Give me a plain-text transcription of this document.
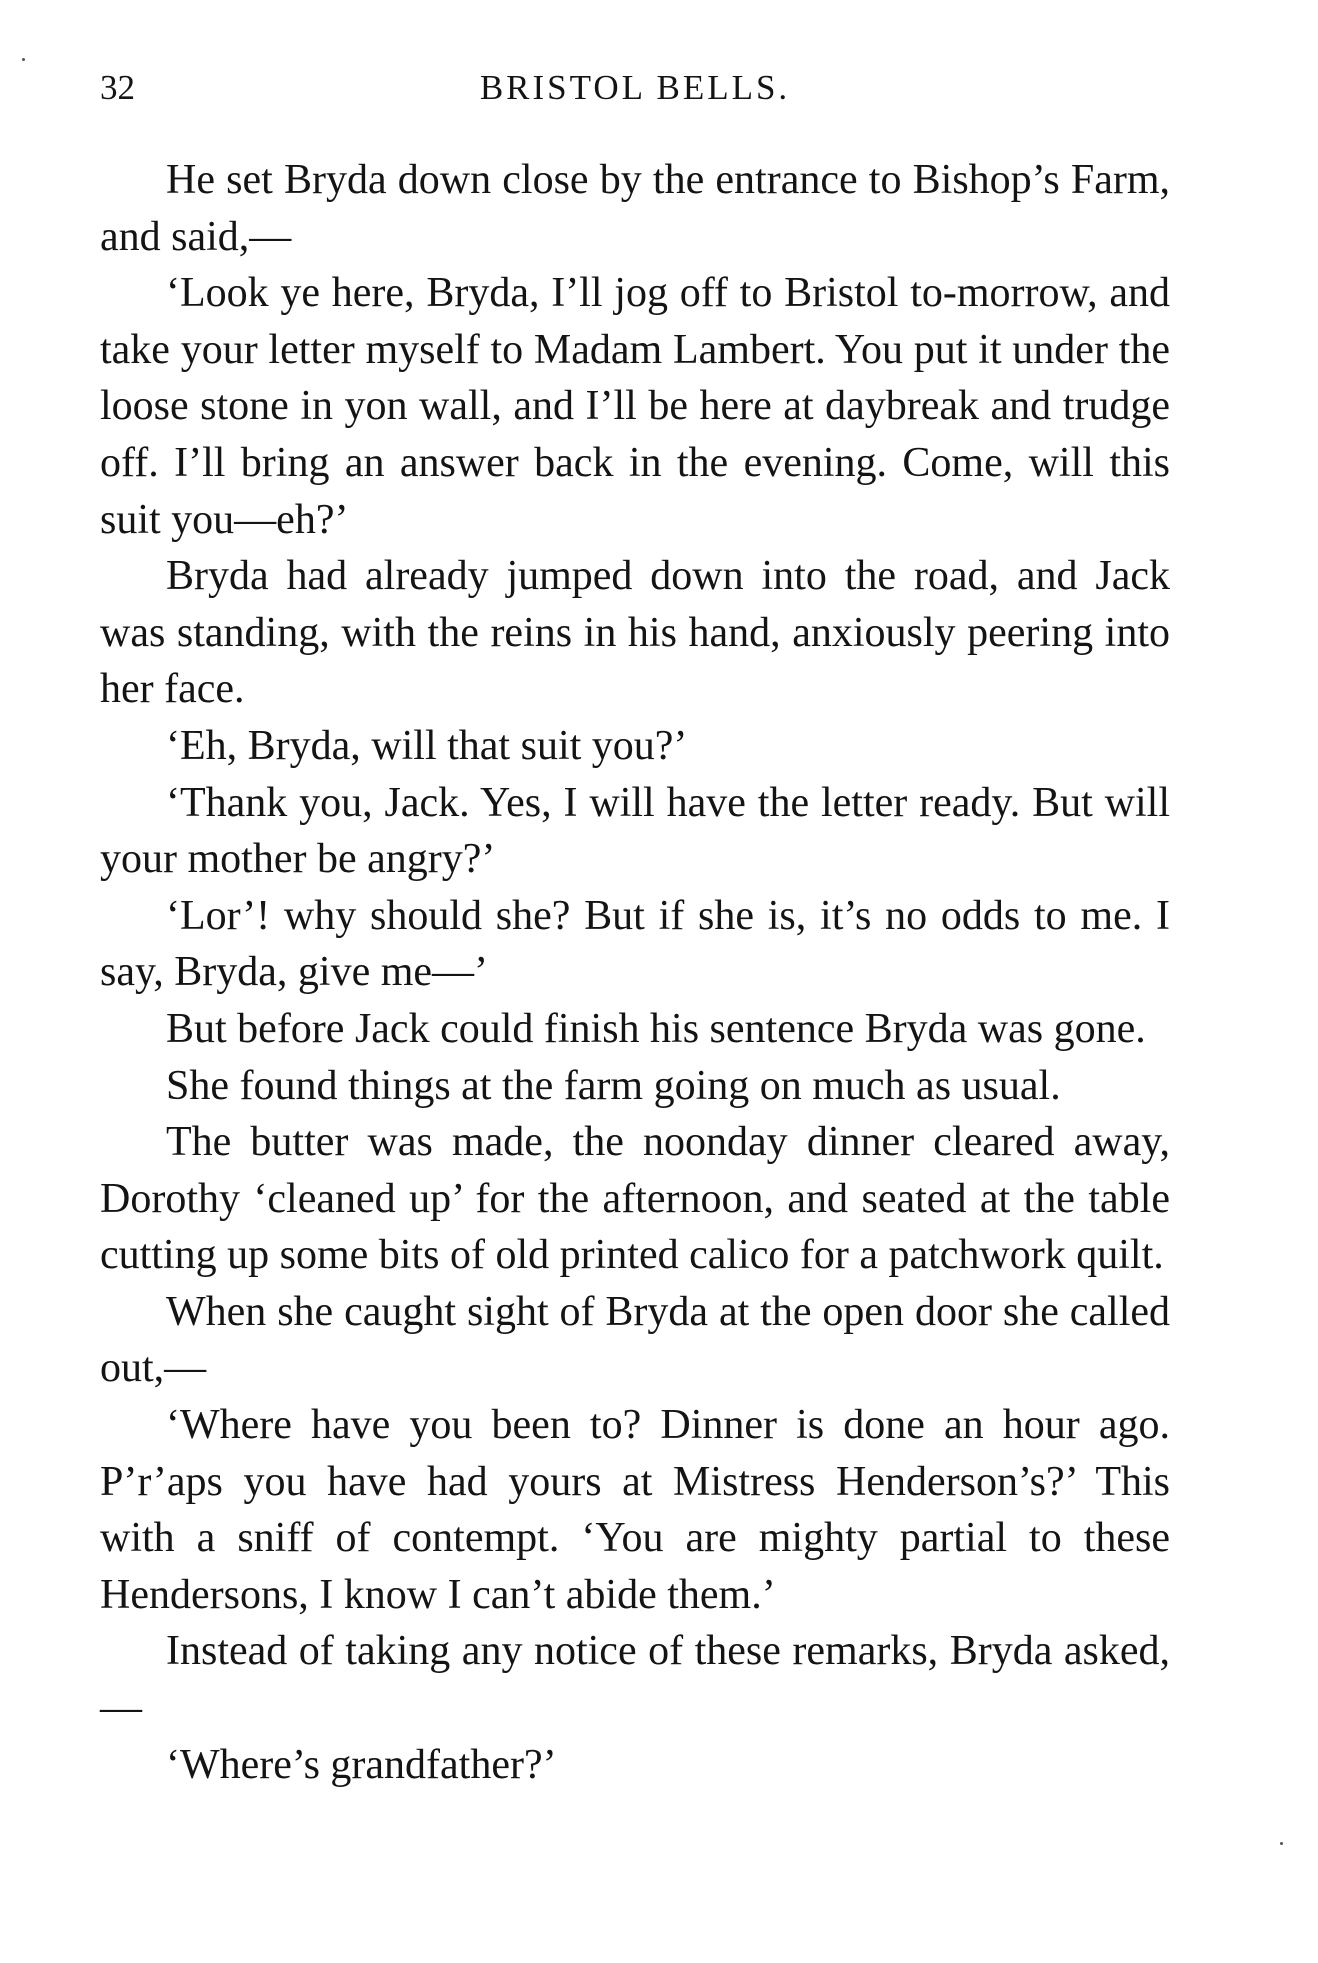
32	BRISTOL BELLS.

He set Bryda down close by the entrance to Bishop’s Farm, and said,—

‘Look ye here, Bryda, I’ll jog off to Bristol to-morrow, and take your letter myself to Madam Lambert. You put it under the loose stone in yon wall, and I’ll be here at daybreak and trudge off. I’ll bring an answer back in the evening. Come, will this suit you—eh?’

Bryda had already jumped down into the road, and Jack was standing, with the reins in his hand, anxiously peering into her face.

‘Eh, Bryda, will that suit you?’

‘Thank you, Jack. Yes, I will have the letter ready. But will your mother be angry?’

‘Lor’! why should she? But if she is, it’s no odds to me. I say, Bryda, give me—’

But before Jack could finish his sentence Bryda was gone.

She found things at the farm going on much as usual.

The butter was made, the noonday dinner cleared away, Dorothy ‘cleaned up’ for the afternoon, and seated at the table cutting up some bits of old printed calico for a patchwork quilt.

When she caught sight of Bryda at the open door she called out,—

‘Where have you been to? Dinner is done an hour ago. P’r’aps you have had yours at Mistress Henderson’s?’ This with a sniff of contempt. ‘You are mighty partial to these Hendersons, I know I can’t abide them.’

Instead of taking any notice of these remarks, Bryda asked,—

‘Where’s grandfather?’
